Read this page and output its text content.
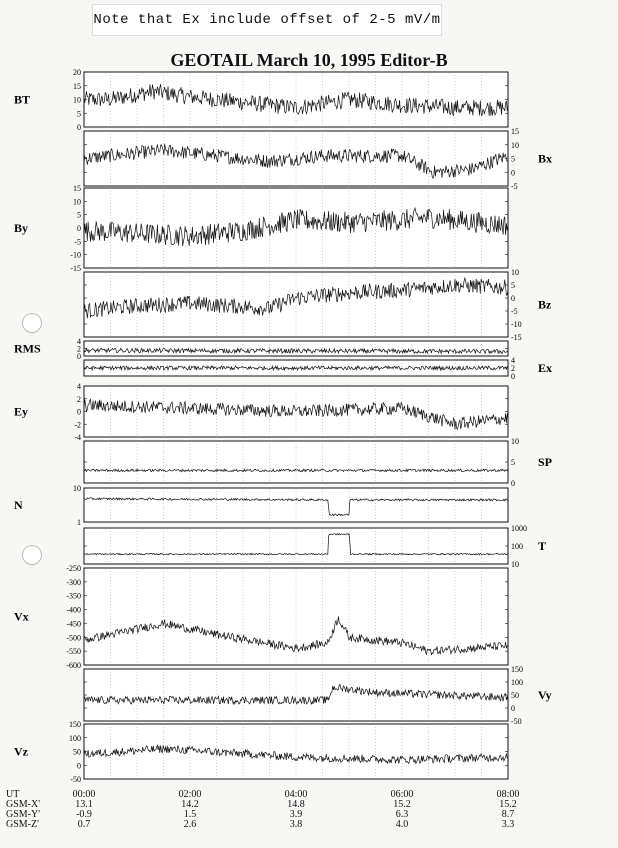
Note that Ex include offset of 2-5 mV/m
GEOTAIL March 10, 1995 Editor-B
20
15
10
5
0
BT
15
10
5
0
-5
Bx
15
10
5
0
-5
-10
-15
By
10
5
0
-5
-10
-15
Bz
4
2
0
RMS
4
2
0
Ex
4
2
0
-2
-4
Ey
10
5
0
SP
10
1
N
1000
100
10
T
-250
-300
-350
-400
-450
-500
-550
-600
Vx
150
100
50
0
-50
Vy
150
100
50
0
-50
Vz
UT	00:00	02:00	04:00	06:00	08:00
GSM-X'	13.1	14.2	14.8	15.2	15.2
GSM-Y'	-0.9	1.5	3.9	6.3	8.7
GSM-Z'	0.7	2.6	3.8	4.0	3.3
